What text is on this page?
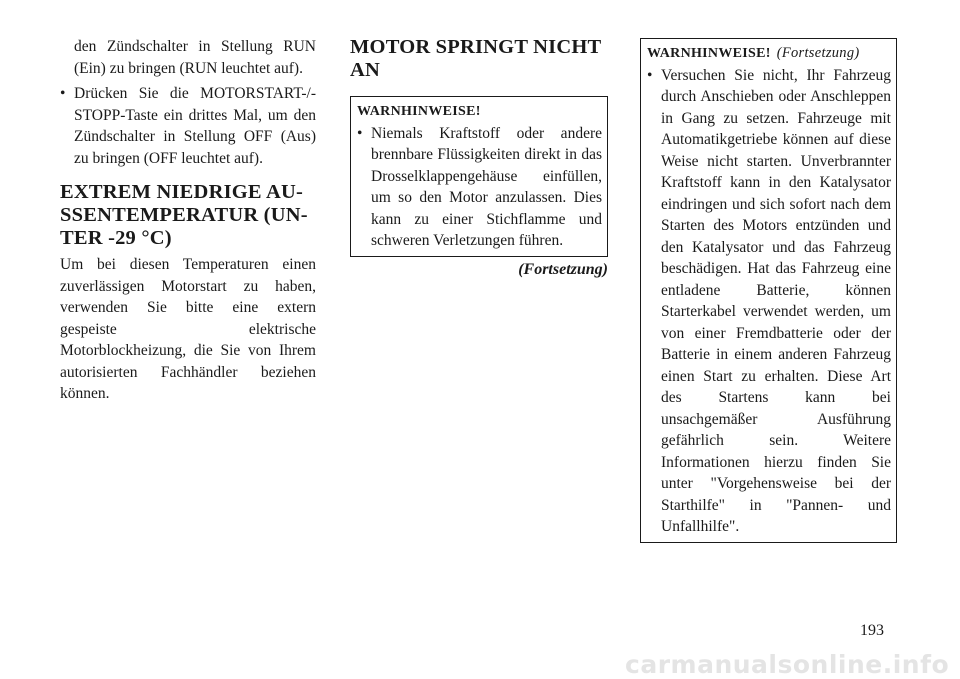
den Zündschalter in Stellung RUN (Ein) zu bringen (RUN leuchtet auf).

• Drücken Sie die MOTORSTART-/-STOPP-Taste ein drittes Mal, um den Zündschalter in Stellung OFF (Aus) zu bringen (OFF leuchtet auf).

EXTREM NIEDRIGE AU-
SSENTEMPERATUR (UN-
TER -29 °C)

Um bei diesen Temperaturen einen zuverlässigen Motorstart zu haben, verwenden Sie bitte eine extern gespeiste elektrische Motorblockheizung, die Sie von Ihrem autorisierten Fachhändler beziehen können.

MOTOR SPRINGT NICHT
AN
WARNHINWEISE!

• Niemals Kraftstoff oder andere brennbare Flüssigkeiten direkt in das Drosselklappengehäuse einfüllen, um so den Motor anzulassen. Dies kann zu einer Stichflamme und schweren Verletzungen führen.

(Fortsetzung)
WARNHINWEISE! (Fortsetzung)

• Versuchen Sie nicht, Ihr Fahrzeug durch Anschieben oder Anschleppen in Gang zu setzen. Fahrzeuge mit Automatikgetriebe können auf diese Weise nicht starten. Unverbrannter Kraftstoff kann in den Katalysator eindringen und sich sofort nach dem Starten des Motors entzünden und den Katalysator und das Fahrzeug beschädigen. Hat das Fahrzeug eine entladene Batterie, können Starterkabel verwendet werden, um von einer Fremdbatterie oder der Batterie in einem anderen Fahrzeug einen Start zu erhalten. Diese Art des Startens kann bei unsachgemäßer Ausführung gefährlich sein. Weitere Informationen hierzu finden Sie unter "Vorgehensweise bei der Starthilfe" in "Pannen- und Unfallhilfe".

193
carmanualsonline.info
